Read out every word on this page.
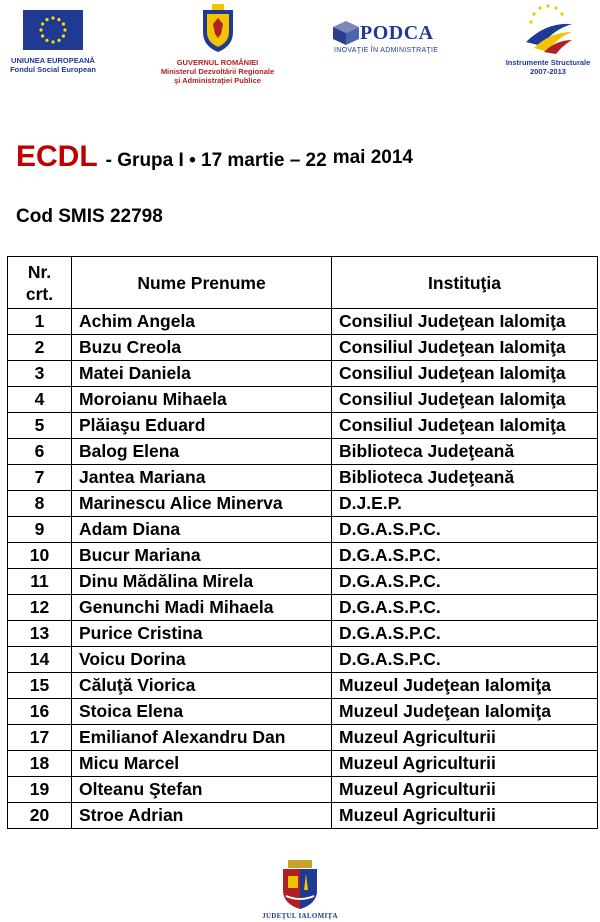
UNIUNEA EUROPEANĂ
Fondul Social European
GUVERNUL ROMÂNIEI
Ministerul Dezvoltării Regionale
şi Administraţiei Publice
PODCA
INOVAŢIE ÎN ADMINISTRAŢIE
Instrumente Structurale
2007-2013
ECDL - Grupa I • 17 martie – 22 mai 2014
Cod SMIS 22798
Nr.
crt.	Nume Prenume	Instituţia
1	Achim Angela	Consiliul Judeţean Ialomiţa
2	Buzu Creola	Consiliul Judeţean Ialomiţa
3	Matei Daniela	Consiliul Judeţean Ialomiţa
4	Moroianu Mihaela	Consiliul Judeţean Ialomiţa
5	Plăiaşu Eduard	Consiliul Judeţean Ialomiţa
6	Balog Elena	Biblioteca Judeţeană
7	Jantea Mariana	Biblioteca Judeţeană
8	Marinescu Alice Minerva	D.J.E.P.
9	Adam Diana	D.G.A.S.P.C.
10	Bucur Mariana	D.G.A.S.P.C.
11	Dinu Mădălina Mirela	D.G.A.S.P.C.
12	Genunchi Madi Mihaela	D.G.A.S.P.C.
13	Purice Cristina	D.G.A.S.P.C.
14	Voicu Dorina	D.G.A.S.P.C.
15	Căluţă Viorica	Muzeul Judeţean Ialomiţa
16	Stoica Elena	Muzeul Judeţean Ialomiţa
17	Emilianof Alexandru Dan	Muzeul Agriculturii
18	Micu Marcel	Muzeul Agriculturii
19	Olteanu Ştefan	Muzeul Agriculturii
20	Stroe Adrian	Muzeul Agriculturii
JUDEŢUL IALOMIŢA
